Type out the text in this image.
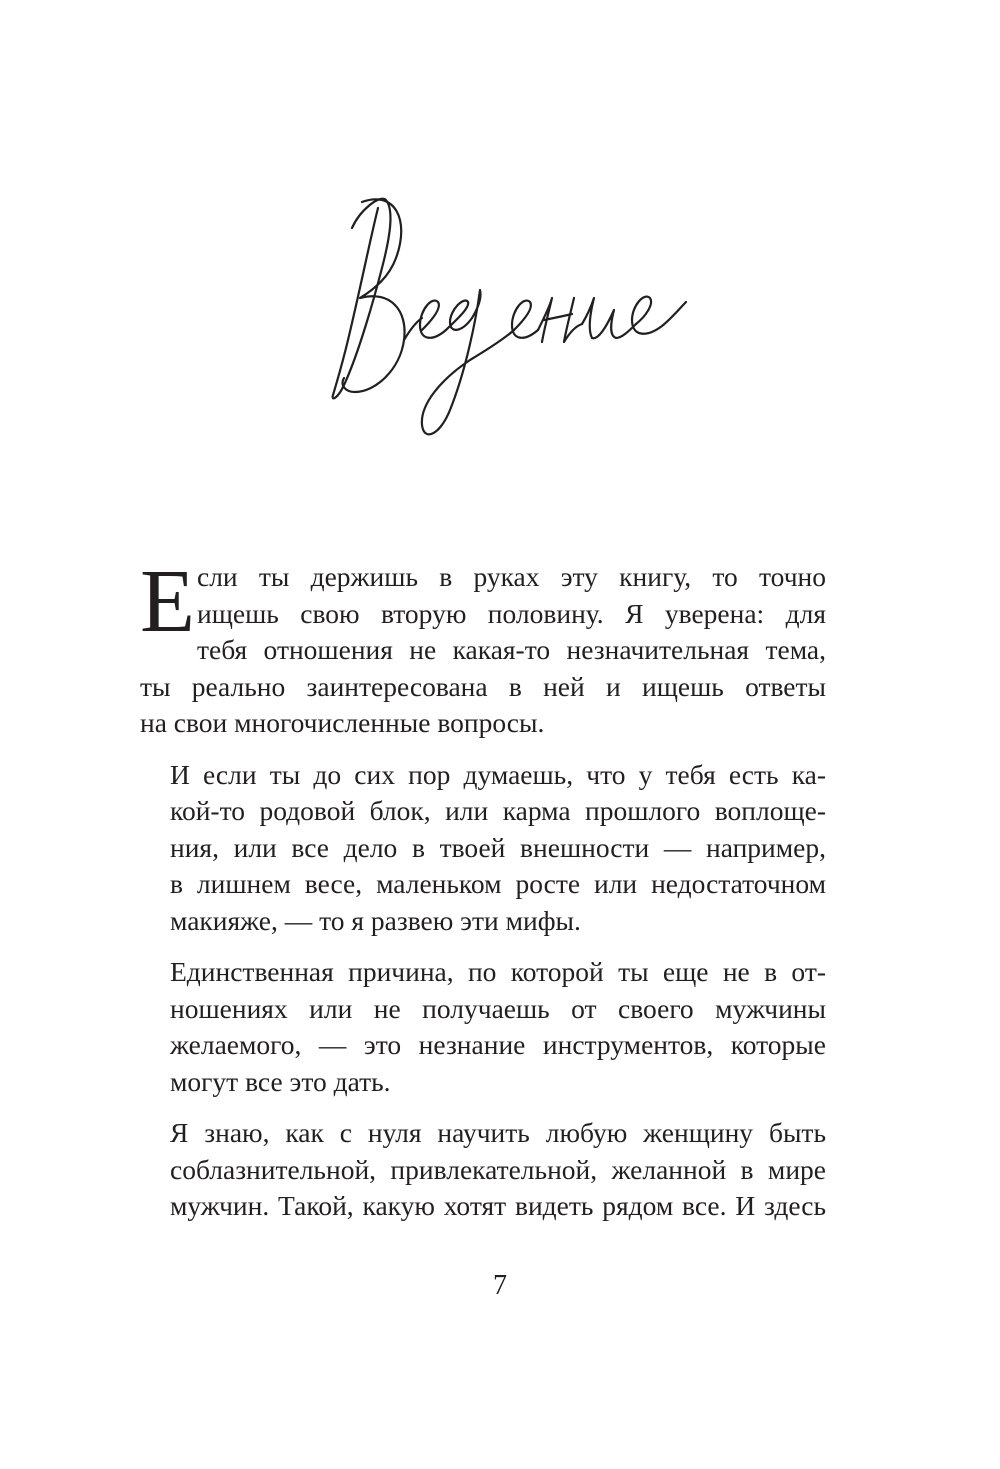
Е сли ты держишь в руках эту книгу, то точно
ищешь свою вторую половину. Я уверена: для
тебя отношения не какая-то незначительная тема,
ты реально заинтересована в ней и ищешь ответы
на свои многочисленные вопросы.

И если ты до сих пор думаешь, что у тебя есть ка-
кой-то родовой блок, или карма прошлого воплоще-
ния, или все дело в твоей внешности — например,
в лишнем весе, маленьком росте или недостаточном
макияже, — то я развею эти мифы.

Единственная причина, по которой ты еще не в от-
ношениях или не получаешь от своего мужчины
желаемого, — это незнание инструментов, которые
могут все это дать.

Я знаю, как с нуля научить любую женщину быть
соблазнительной, привлекательной, желанной в мире
мужчин. Такой, какую хотят видеть рядом все. И здесь

7
